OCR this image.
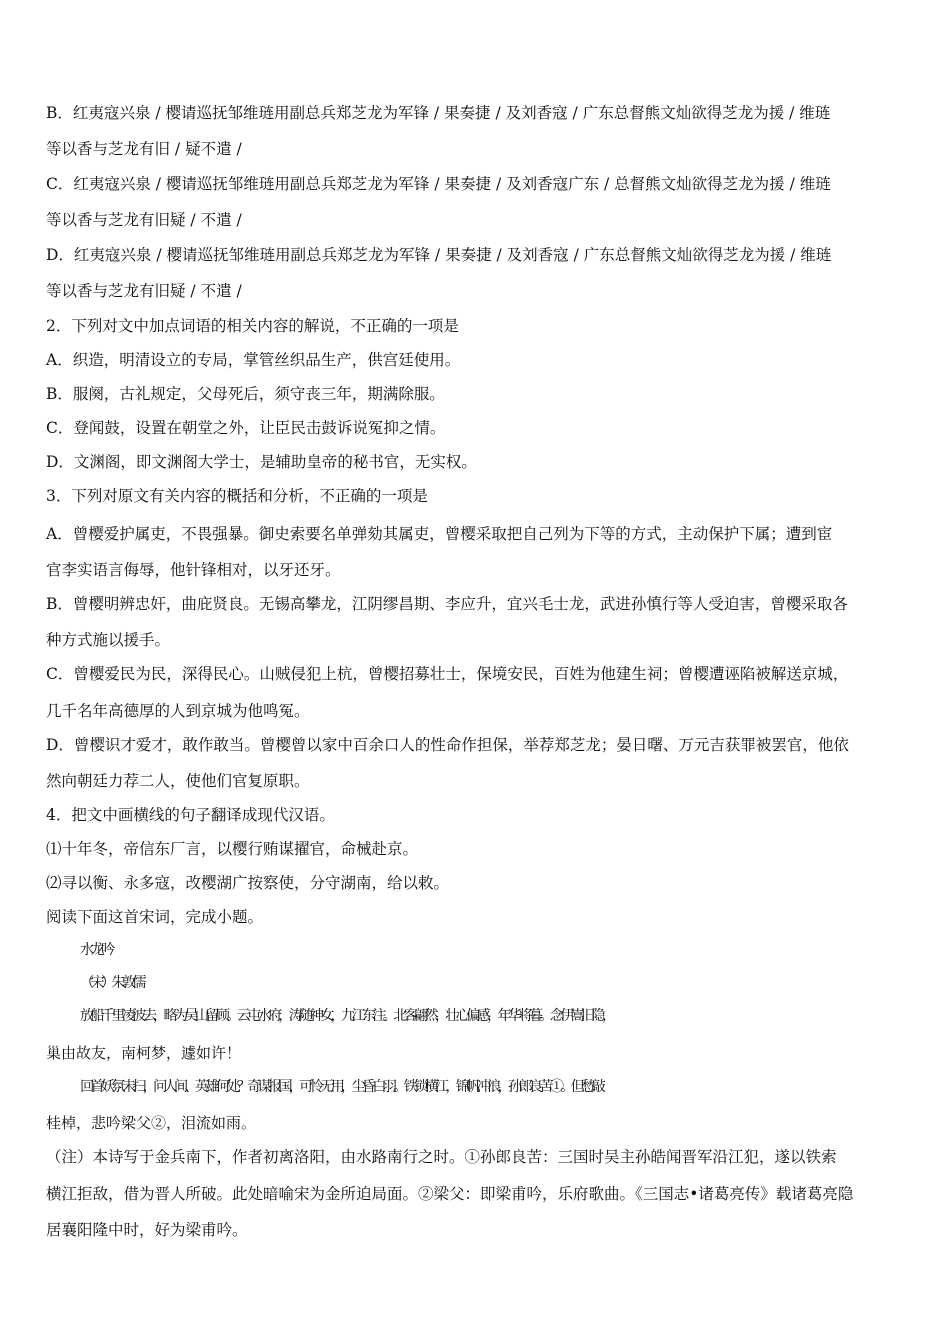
B．红夷寇兴泉 / 樱请巡抚邹维琏用副总兵郑芝龙为军锋 / 果奏捷 / 及刘香寇 / 广东总督熊文灿欲得芝龙为援 / 维琏
等以香与芝龙有旧 / 疑不遣 /
C．红夷寇兴泉 / 樱请巡抚邹维琏用副总兵郑芝龙为军锋 / 果奏捷 / 及刘香寇广东 / 总督熊文灿欲得芝龙为援 / 维琏
等以香与芝龙有旧疑 / 不遣 /
D．红夷寇兴泉 / 樱请巡抚邹维琏用副总兵郑芝龙为军锋 / 果奏捷 / 及刘香寇 / 广东总督熊文灿欲得芝龙为援 / 维琏
等以香与芝龙有旧疑 / 不遣 /
2．下列对文中加点词语的相关内容的解说，不正确的一项是
A．织造，明清设立的专局，掌管丝织品生产，供宫廷使用。
B．服阕，古礼规定，父母死后，须守丧三年，期满除服。
C．登闻鼓，设置在朝堂之外，让臣民击鼓诉说冤抑之情。
D．文渊阁，即文渊阁大学士，是辅助皇帝的秘书官，无实权。
3．下列对原文有关内容的概括和分析，不正确的一项是
A．曾樱爱护属吏，不畏强暴。御史索要名单弹劾其属吏，曾樱采取把自己列为下等的方式，主动保护下属；遭到宦
官李实语言侮辱，他针锋相对，以牙还牙。
B．曾樱明辨忠奸，曲庇贤良。无锡高攀龙，江阴缪昌期、李应升，宜兴毛士龙，武进孙慎行等人受迫害，曾樱采取各
种方式施以援手。
C．曾樱爱民为民，深得民心。山贼侵犯上杭，曾樱招募壮士，保境安民，百姓为他建生祠；曾樱遭诬陷被解送京城，
几千名年高德厚的人到京城为他鸣冤。
D．曾樱识才爱才，敢作敢当。曾樱曾以家中百余口人的性命作担保，举荐郑芝龙；晏日曙、万元吉获罪被罢官，他依
然向朝廷力荐二人，使他们官复原职。
4．把文中画横线的句子翻译成现代汉语。
⑴十年冬，帝信东厂言，以樱行贿谋擢官，命械赴京。
⑵寻以衡、永多寇，改樱湖广按察使，分守湖南，给以敕。
阅读下面这首宋词，完成小题。
水龙吟
（宋）朱敦儒
放船千里凌波去，略为吴山留顾。云屯水府，涛随神女，九江东注。北客翩然，壮心偏感，年华将暮。念伊嵩旧隐，
巢由故友，南柯梦，遽如许！
回首妖氛未扫，问人间、英雄何处？奇谋报国，可怜无用，尘昏白羽。铁锁横江，锦帆冲浪，孙郎良苦①。但愁敲
桂棹，悲吟梁父②，泪流如雨。
（注）本诗写于金兵南下，作者初离洛阳，由水路南行之时。①孙郎良苦：三国时吴主孙皓闻晋军沿江犯，遂以铁索
横江拒敌，借为晋人所破。此处暗喻宋为金所迫局面。②梁父：即梁甫吟，乐府歌曲。《三国志•诸葛亮传》载诸葛亮隐
居襄阳隆中时，好为梁甫吟。
